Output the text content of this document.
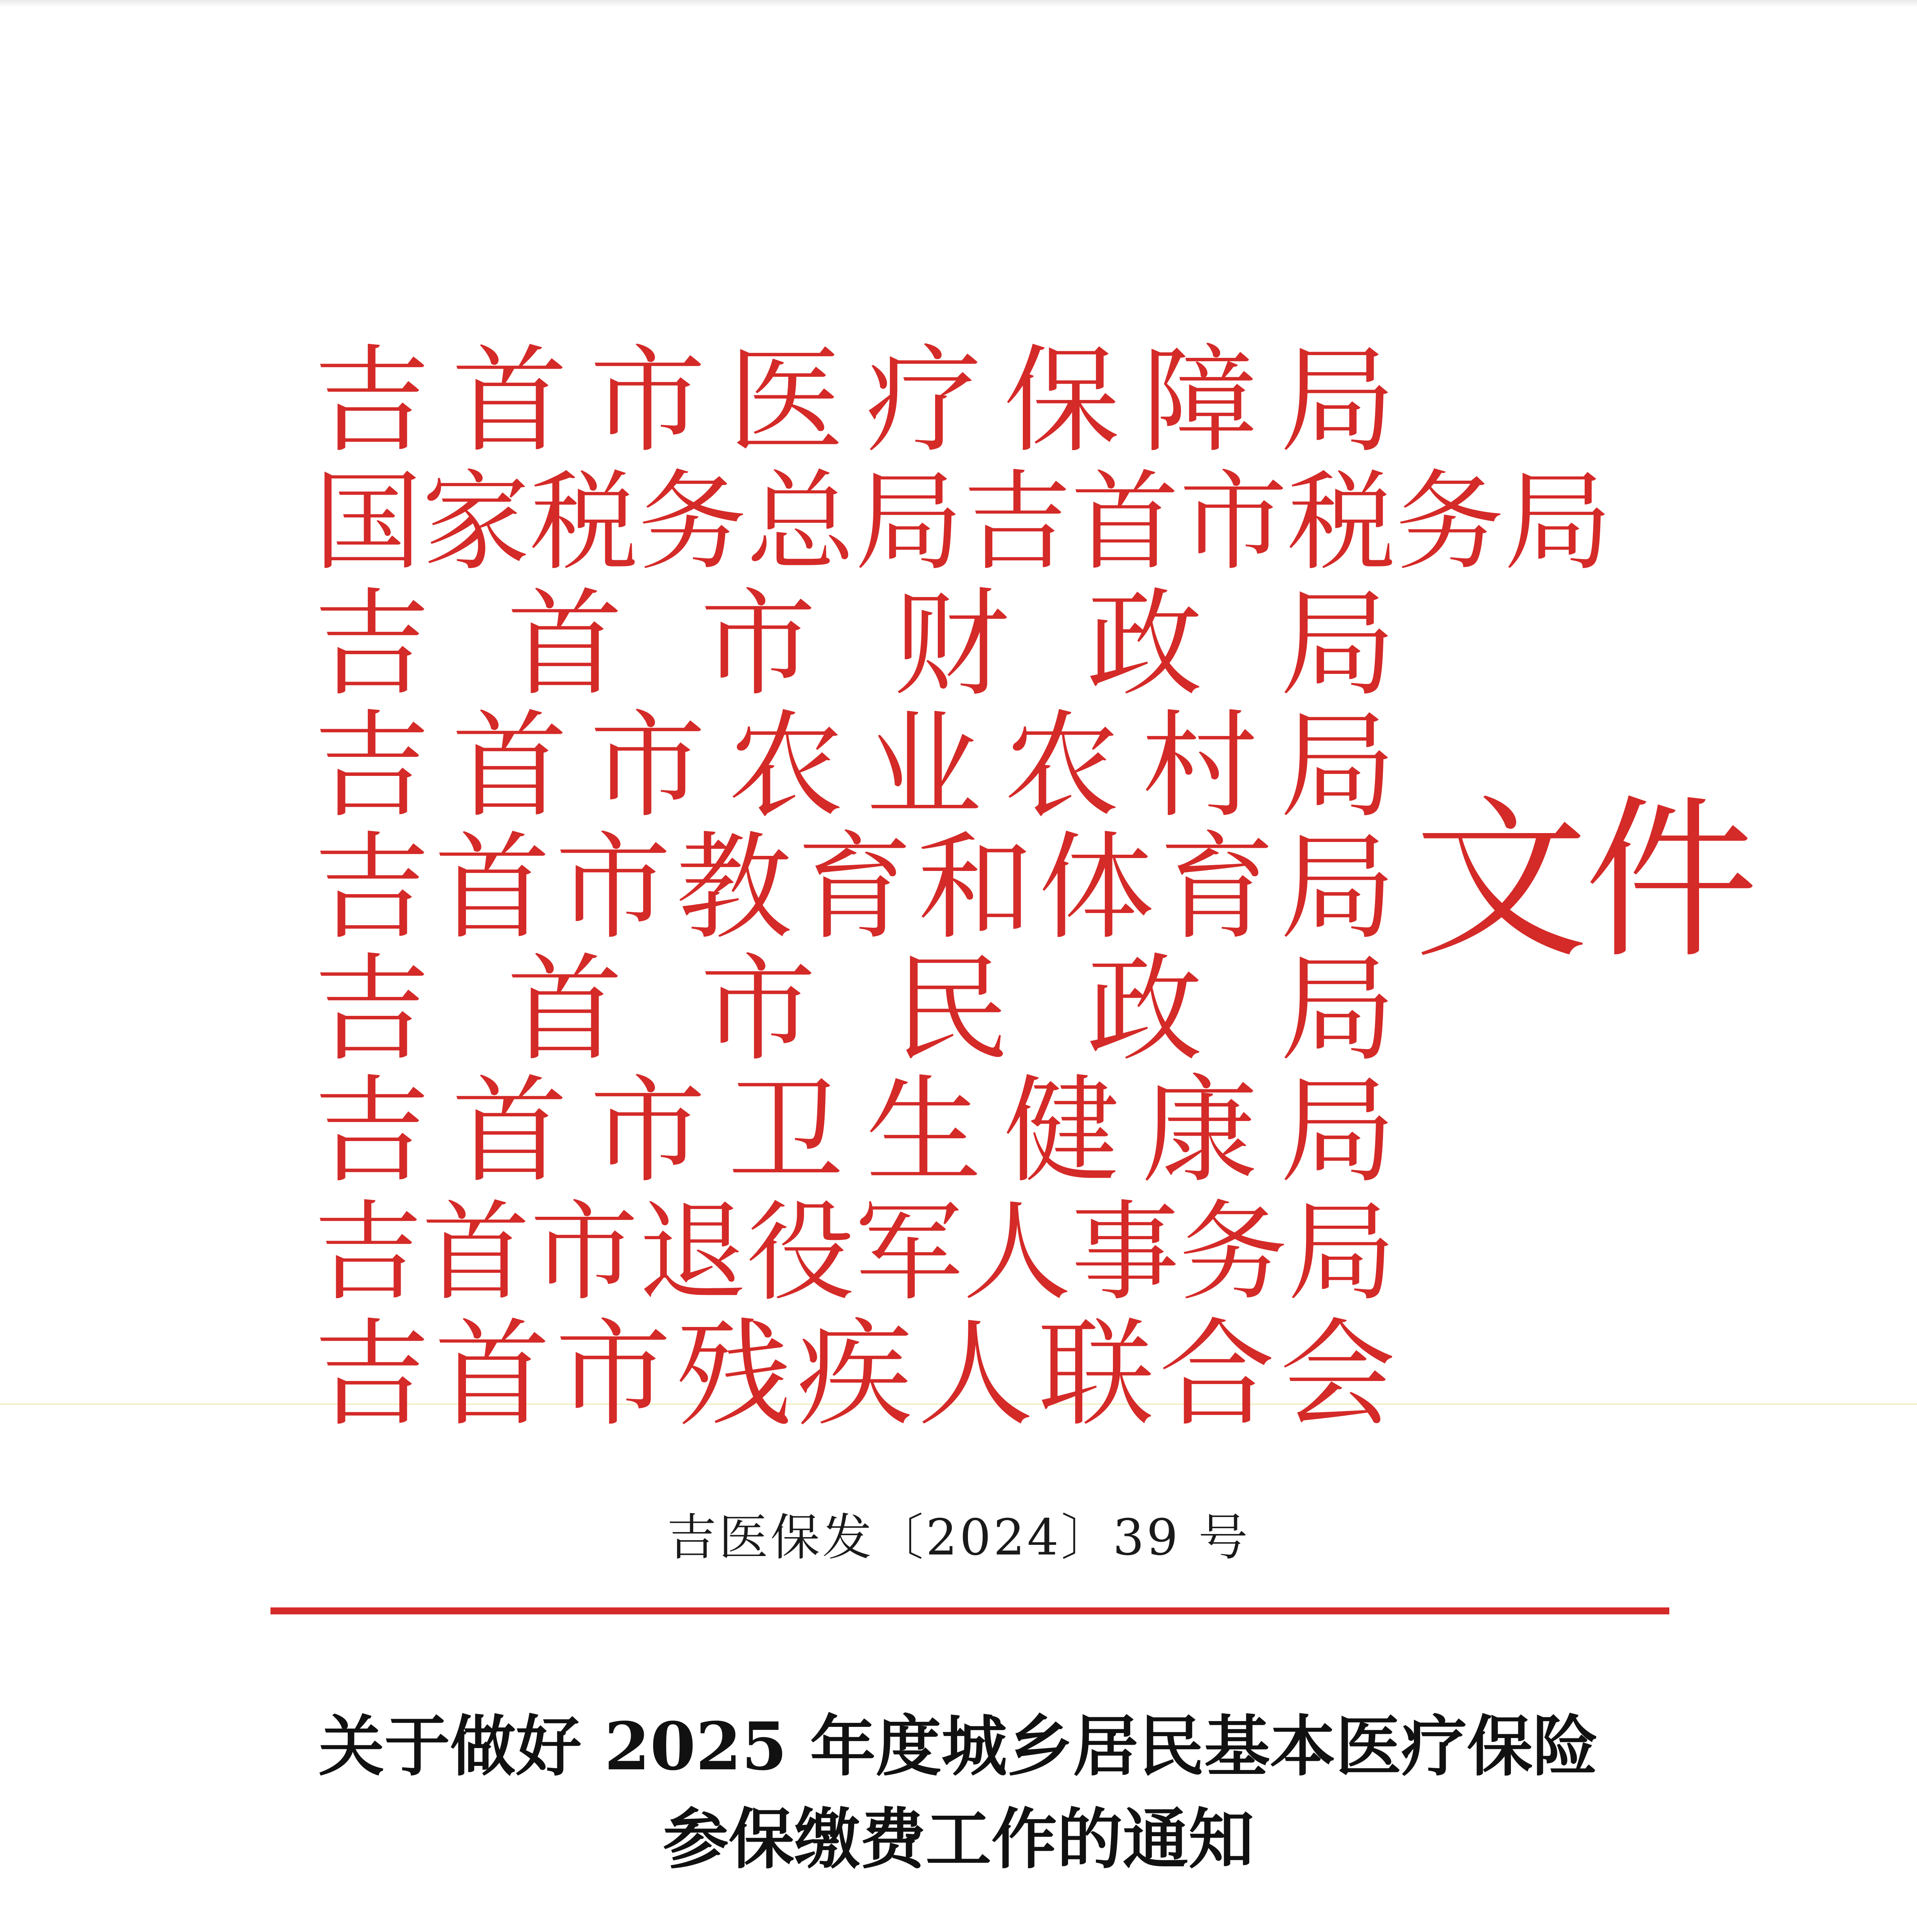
吉 首 市 医 疗 保 障 局
国 家 税 务 总 局 吉 首 市 税 务 局
吉 首 市 财 政 局
吉 首 市 农 业 农 村 局
吉 首 市 教 育 和 体 育 局
吉 首 市 民 政 局
吉 首 市 卫 生 健 康 局
吉 首 市 退 役 军 人 事 务 局
吉 首 市 残 疾 人 联 合 会
文件
吉医保发〔2024〕39 号
关于做好 2025 年度城乡居民基本医疗保险
参保缴费工作的通知
